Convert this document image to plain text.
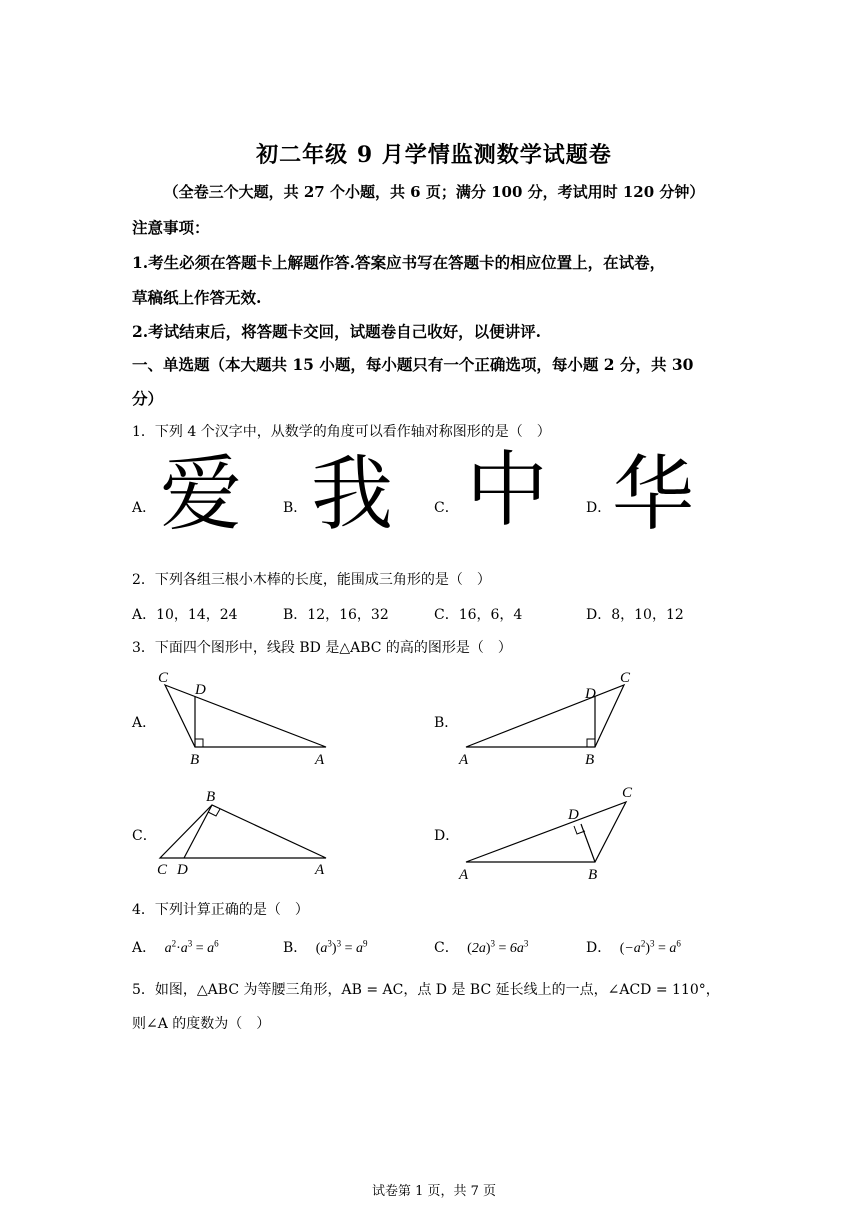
初二年级 9 月学情监测数学试题卷
（全卷三个大题，共 27 个小题，共 6 页；满分 100 分，考试用时 120 分钟）
注意事项：
1.考生必须在答题卡上解题作答.答案应书写在答题卡的相应位置上，在试卷，
草稿纸上作答无效.
2.考试结束后，将答题卡交回，试题卷自己收好，以便讲评.
一、单选题（本大题共 15 小题，每小题只有一个正确选项，每小题 2 分，共 30
分）
1．下列 4 个汉字中，从数学的角度可以看作轴对称图形的是（　）
A． 爱	B． 我	C． 中	D． 华
2．下列各组三根小木棒的长度，能围成三角形的是（　）
A．10，14，24	B．12，16，32	C．16，6，4	D．8，10，12
3．下面四个图形中，线段 BD 是△ABC 的高的图形是（　）
A．
C
D
B	A
B．
C
D
B
A
C．
B
C D	A
D．
C
D
B
A
4．下列计算正确的是（　）
A． $a^2\cdot a^3 = a^6$	B． $(a^3)^3 = a^9$	C． $(2a)^3 = 6a^3$	D． $(-a^2)^3 = a^6$
5．如图，△ABC 为等腰三角形，AB = AC，点 D 是 BC 延长线上的一点，∠ACD = 110°，
则∠A 的度数为（　）
试卷第 1 页，共 7 页
